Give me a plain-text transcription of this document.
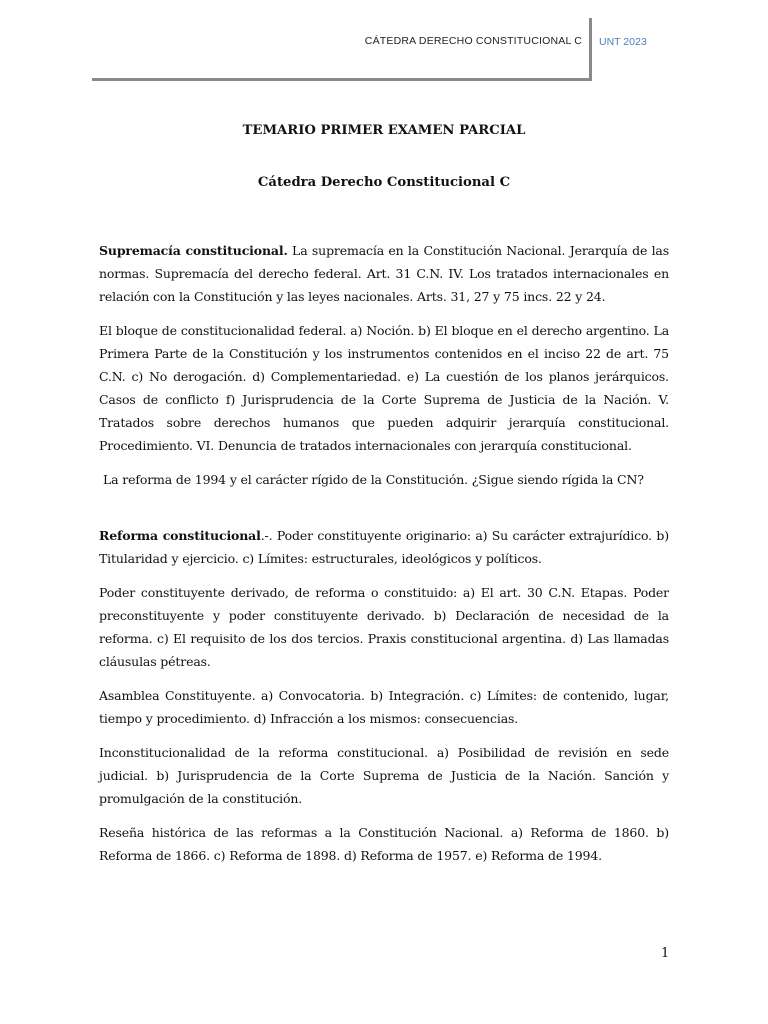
CÁTEDRA DERECHO CONSTITUCIONAL C UNT 2023
TEMARIO PRIMER EXAMEN PARCIAL
Cátedra Derecho Constitucional C

Supremacía constitucional. La supremacía en la Constitución Nacional. Jerarquía de las normas. Supremacía del derecho federal. Art. 31 C.N. IV. Los tratados internacionales en relación con la Constitución y las leyes nacionales. Arts. 31, 27 y 75 incs. 22 y 24.

El bloque de constitucionalidad federal. a) Noción. b) El bloque en el derecho argentino. La Primera Parte de la Constitución y los instrumentos contenidos en el inciso 22 de art. 75 C.N. c) No derogación. d) Complementariedad. e) La cuestión de los planos jerárquicos. Casos de conflicto f) Jurisprudencia de la Corte Suprema de Justicia de la Nación. V. Tratados sobre derechos humanos que pueden adquirir jerarquía constitucional. Procedimiento. VI. Denuncia de tratados internacionales con jerarquía constitucional.

La reforma de 1994 y el carácter rígido de la Constitución. ¿Sigue siendo rígida la CN?

Reforma constitucional.-. Poder constituyente originario: a) Su carácter extrajurídico. b) Titularidad y ejercicio. c) Límites: estructurales, ideológicos y políticos.

Poder constituyente derivado, de reforma o constituido: a) El art. 30 C.N. Etapas. Poder preconstituyente y poder constituyente derivado. b) Declaración de necesidad de la reforma. c) El requisito de los dos tercios. Praxis constitucional argentina. d) Las llamadas cláusulas pétreas.

Asamblea Constituyente. a) Convocatoria. b) Integración. c) Límites: de contenido, lugar, tiempo y procedimiento. d) Infracción a los mismos: consecuencias.

Inconstitucionalidad de la reforma constitucional. a) Posibilidad de revisión en sede judicial. b) Jurisprudencia de la Corte Suprema de Justicia de la Nación. Sanción y promulgación de la constitución.

Reseña histórica de las reformas a la Constitución Nacional. a) Reforma de 1860. b) Reforma de 1866. c) Reforma de 1898. d) Reforma de 1957. e) Reforma de 1994.

1
